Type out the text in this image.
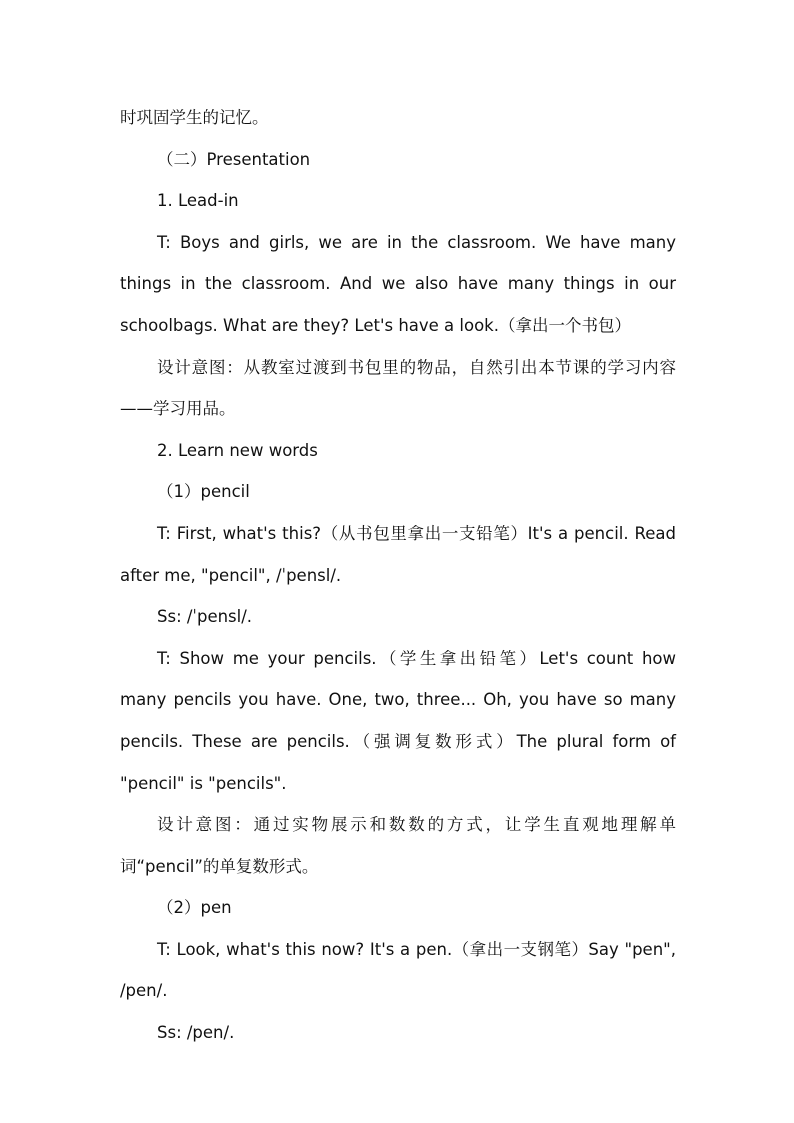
时巩固学生的记忆。

（二）Presentation

1. Lead-in

T: Boys and girls, we are in the classroom. We have many things in the classroom. And we also have many things in our schoolbags. What are they? Let's have a look.（拿出一个书包）

设计意图：从教室过渡到书包里的物品，自然引出本节课的学习内容——学习用品。

2. Learn new words

（1）pencil

T: First, what's this?（从书包里拿出一支铅笔）It's a pencil. Read after me, "pencil", /ˈpensl/.

Ss: /ˈpensl/.

T: Show me your pencils.（学生拿出铅笔）Let's count how many pencils you have. One, two, three... Oh, you have so many pencils. These are pencils.（强调复数形式）The plural form of "pencil" is "pencils".

设计意图：通过实物展示和数数的方式，让学生直观地理解单词“pencil”的单复数形式。

（2）pen

T: Look, what's this now? It's a pen.（拿出一支钢笔）Say "pen", /pen/.

Ss: /pen/.
